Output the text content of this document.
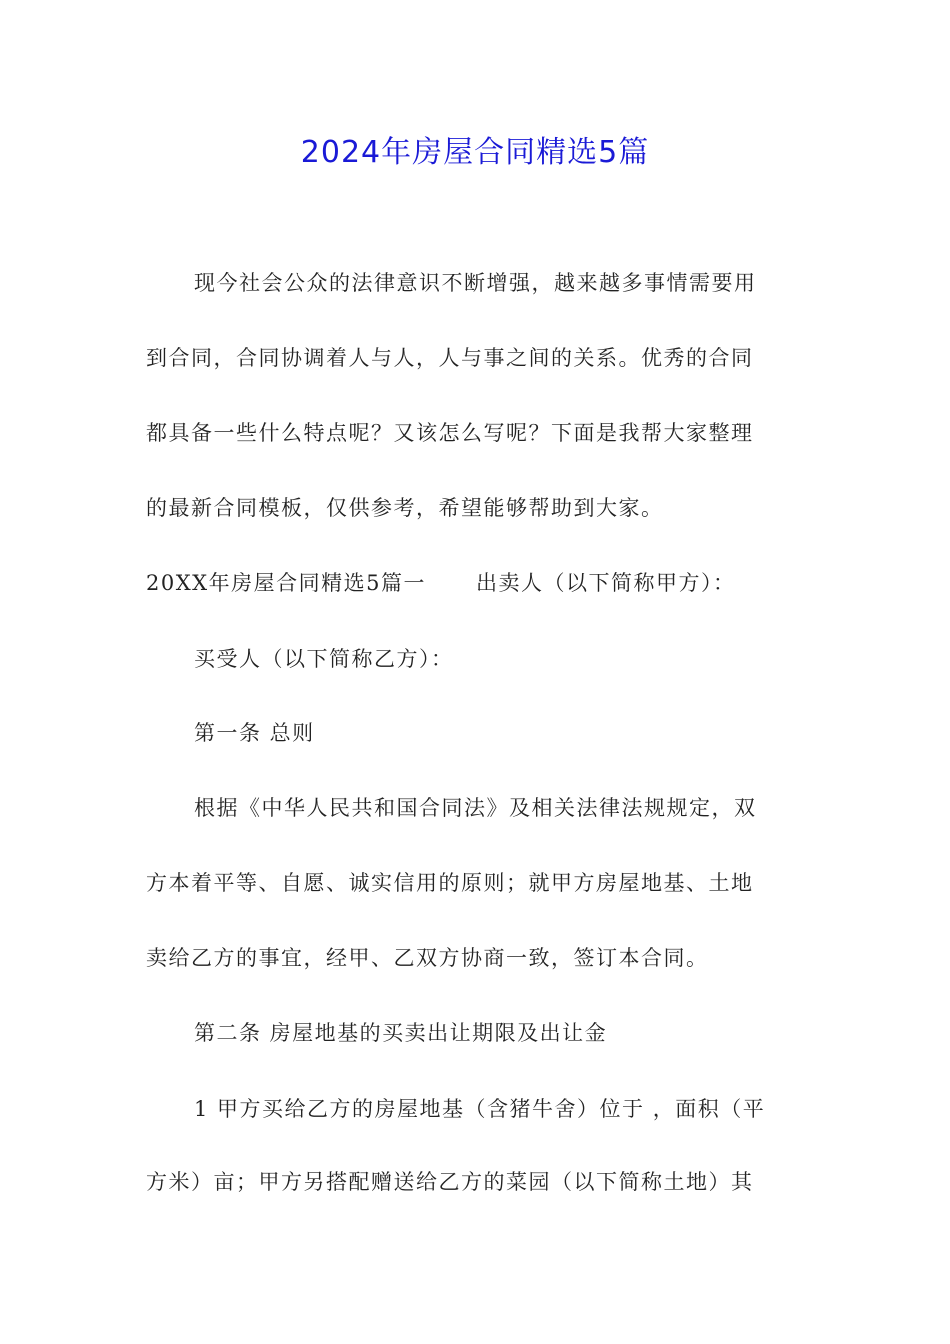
2024年房屋合同精选5篇
现今社会公众的法律意识不断增强，越来越多事情需要用
到合同，合同协调着人与人，人与事之间的关系。优秀的合同
都具备一些什么特点呢？又该怎么写呢？下面是我帮大家整理
的最新合同模板，仅供参考，希望能够帮助到大家。
20XX年房屋合同精选5篇一 出卖人（以下简称甲方）：
买受人（以下简称乙方）：
第一条 总则
根据《中华人民共和国合同法》及相关法律法规规定，双
方本着平等、自愿、诚实信用的原则；就甲方房屋地基、土地
卖给乙方的事宜，经甲、乙双方协商一致，签订本合同。
第二条 房屋地基的买卖出让期限及出让金
1 甲方买给乙方的房屋地基（含猪牛舍）位于 ，面积（平
方米）亩；甲方另搭配赠送给乙方的菜园（以下简称土地）其
